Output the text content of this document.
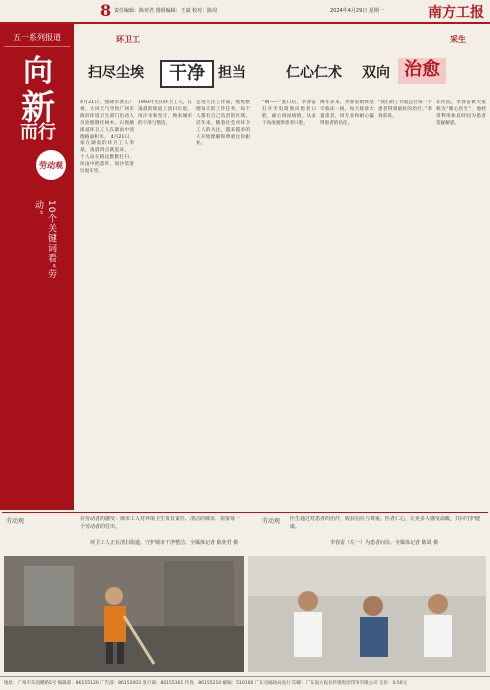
8 责任编辑：陈奕君 图组编辑：王斌 校对：陈周	2024年4月29日 星期一	南方工报
五一系列报道
向
新
而行
劳动观
10个关键词看“劳动”
环卫工
扫尽尘埃	干净 担当
采生
仁心仁术 双向 治愈
4月21日，强降水袭击广州，大风天气导致广州市政府环境卫生部门出动人员处理倒伏树木，石围塘街道环卫工人在暴雨中清理路面积水。 4月21日，家在湖南的环卫工人李某，凌晨四点就起床，一个人站在路边默默打扫，风雨中把落叶、泥沙装进垃圾车里。
1993年生的环卫工人，在凌晨的街道上清扫垃圾，用汗水和坚守，换来城市的干净与整洁。
走进人民工作间，收集整理每天的工作任务，每个人都有自己负责的区域。 近年来，随着社会对环卫工人的关注，越来越多的人开始理解和尊重这份职业。
“啊——”张口后，李春雷打开手电筒照向患者口腔，耐心询问病情，从多个角度观察患者口腔。
两年多来，李春雷始终坚守临床一线，每天接诊大量患者，用专业和耐心赢得患者的信任。
“我们的工作就是让每一个患者得到最好的治疗。”李春雷说。
在医院，李春雷被大家称为“暖心医生”，他经常利用休息时间为患者答疑解惑。
劳动观	在劳动者的感受：城市工人对环境卫生负有责任。清洁的城市，需要每一个劳动者的付出。
劳动观 医生通过对患者的治疗，收获信任与尊重。医者仁心，让更多人感受温暖，共同守护健康。
环卫工人正在清扫街道，守护城市干净整洁。全媒体记者 陈奕君 摄	李春雷（左一）为患者问诊。全媒体记者 陈周 摄
地址：广州市东园横路5号 编辑部：86155120 广告部：86155003 发行部：86155301 传真：86155210 邮编：510100 广东省邮政局发行 印刷：广东南方报业传媒集团印务有限公司 定价：0.50元
